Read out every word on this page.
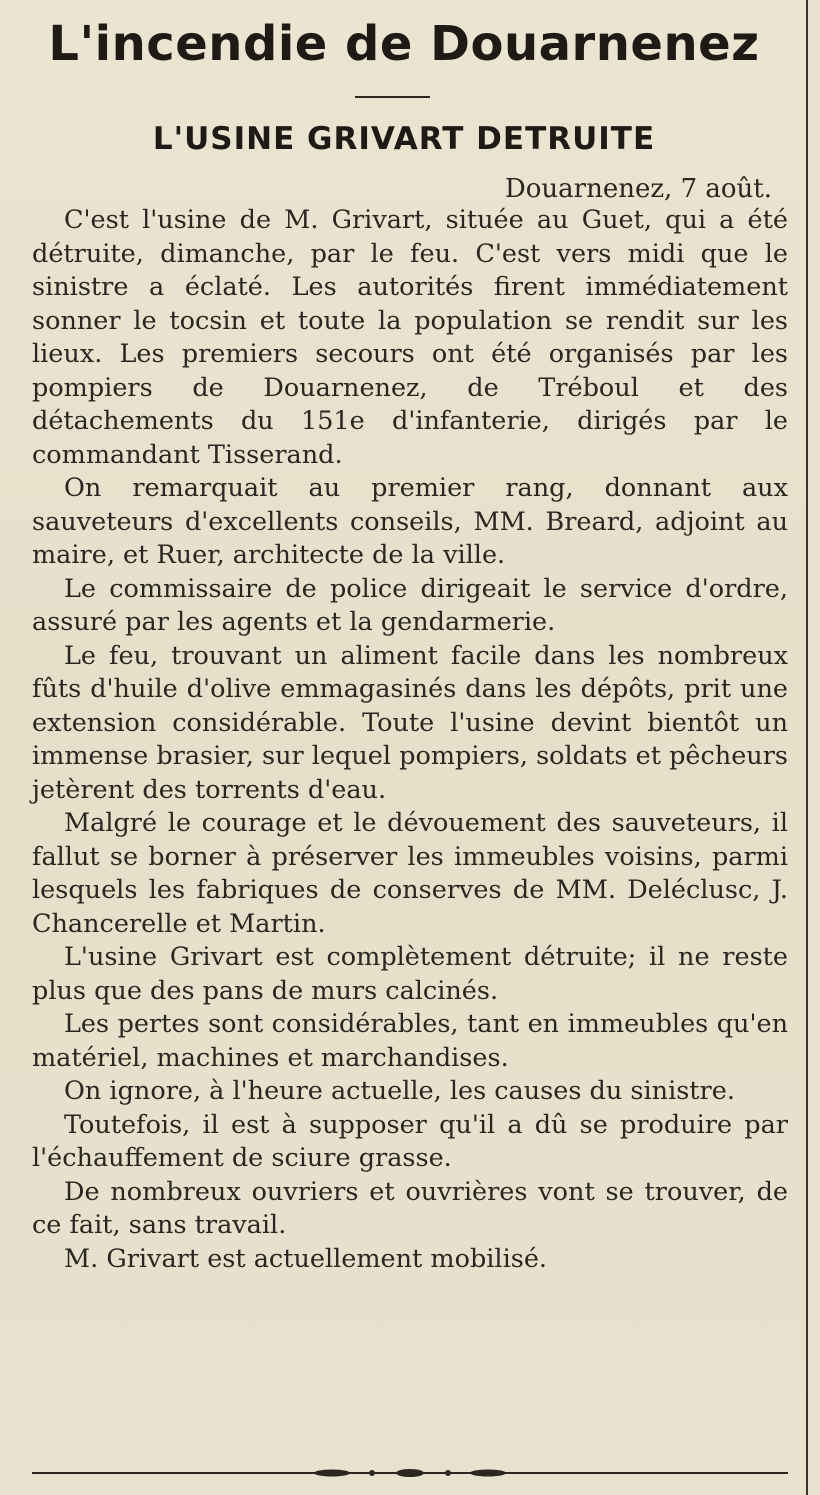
L'incendie de Douarnenez
L'USINE GRIVART DETRUITE
Douarnenez, 7 août.

C'est l'usine de M. Grivart, située au Guet, qui a été détruite, dimanche, par le feu. C'est vers midi que le sinistre a éclaté. Les autorités firent immédiatement sonner le tocsin et toute la population se rendit sur les lieux. Les premiers secours ont été organisés par les pompiers de Douarnenez, de Tréboul et des détachements du 151e d'infanterie, dirigés par le commandant Tisserand.

On remarquait au premier rang, donnant aux sauveteurs d'excellents conseils, MM. Breard, adjoint au maire, et Ruer, architecte de la ville.

Le commissaire de police dirigeait le service d'ordre, assuré par les agents et la gendarmerie.

Le feu, trouvant un aliment facile dans les nombreux fûts d'huile d'olive emmagasinés dans les dépôts, prit une extension considérable. Toute l'usine devint bientôt un immense brasier, sur lequel pompiers, soldats et pêcheurs jetèrent des torrents d'eau.

Malgré le courage et le dévouement des sauveteurs, il fallut se borner à préserver les immeubles voisins, parmi lesquels les fabriques de conserves de MM. Deléclusc, J. Chancerelle et Martin.

L'usine Grivart est complètement détruite; il ne reste plus que des pans de murs calcinés.

Les pertes sont considérables, tant en immeubles qu'en matériel, machines et marchandises.

On ignore, à l'heure actuelle, les causes du sinistre.

Toutefois, il est à supposer qu'il a dû se produire par l'échauffement de sciure grasse.

De nombreux ouvriers et ouvrières vont se trouver, de ce fait, sans travail.

M. Grivart est actuellement mobilisé.
